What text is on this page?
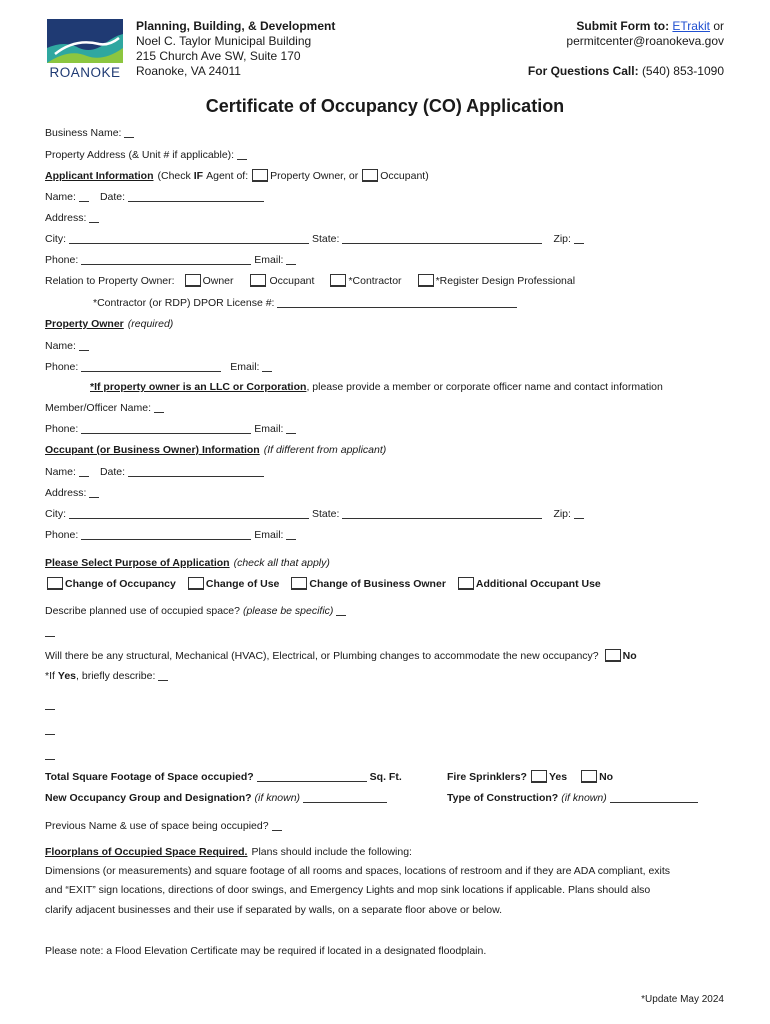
ROANOKE
Planning, Building, & Development
Noel C. Taylor Municipal Building
215 Church Ave SW, Suite 170
Roanoke, VA 24011
Submit Form to: ETrakit or
permitcenter@roanokeva.gov
For Questions Call: (540) 853-1090
Certificate of Occupancy (CO) Application
Business Name:
Property Address (& Unit # if applicable):
Applicant Information (Check IF Agent of: Property Owner, or Occupant)
Name: Date:
Address:
City:	State:	Zip:
Phone:	Email:
Relation to Property Owner:	Owner	Occupant	*Contractor	*Register Design Professional
*Contractor (or RDP) DPOR License #:
Property Owner (required)
Name:
Phone:	Email:
*If property owner is an LLC or Corporation , please provide a member or corporate officer name and contact information
Member/Officer Name:
Phone:	Email:
Occupant (or Business Owner) Information (If different from applicant)
Name: Date:
Address:
City:	State:	Zip:
Phone:	Email:
Please Select Purpose of Application (check all that apply)
Change of Occupancy	Change of Use	Change of Business Owner	Additional Occupant Use
Describe planned use of occupied space? (please be specific)
Will there be any structural, Mechanical (HVAC), Electrical, or Plumbing changes to accommodate the new occupancy? No
*If Yes , briefly describe:
Total Square Footage of Space occupied?	Sq. Ft.	Fire Sprinklers? Yes	No
New Occupancy Group and Designation? (if known)	Type of Construction? (if known)
Previous Name & use of space being occupied?
Floorplans of Occupied Space Required. Plans should include the following:
Dimensions (or measurements) and square footage of all rooms and spaces, locations of restroom and if they are ADA compliant, exits
and “EXIT” sign locations, directions of door swings, and Emergency Lights and mop sink locations if applicable. Plans should also
clarify adjacent businesses and their use if separated by walls, on a separate floor above or below.
Please note: a Flood Elevation Certificate may be required if located in a designated floodplain.
*Update May 2024
